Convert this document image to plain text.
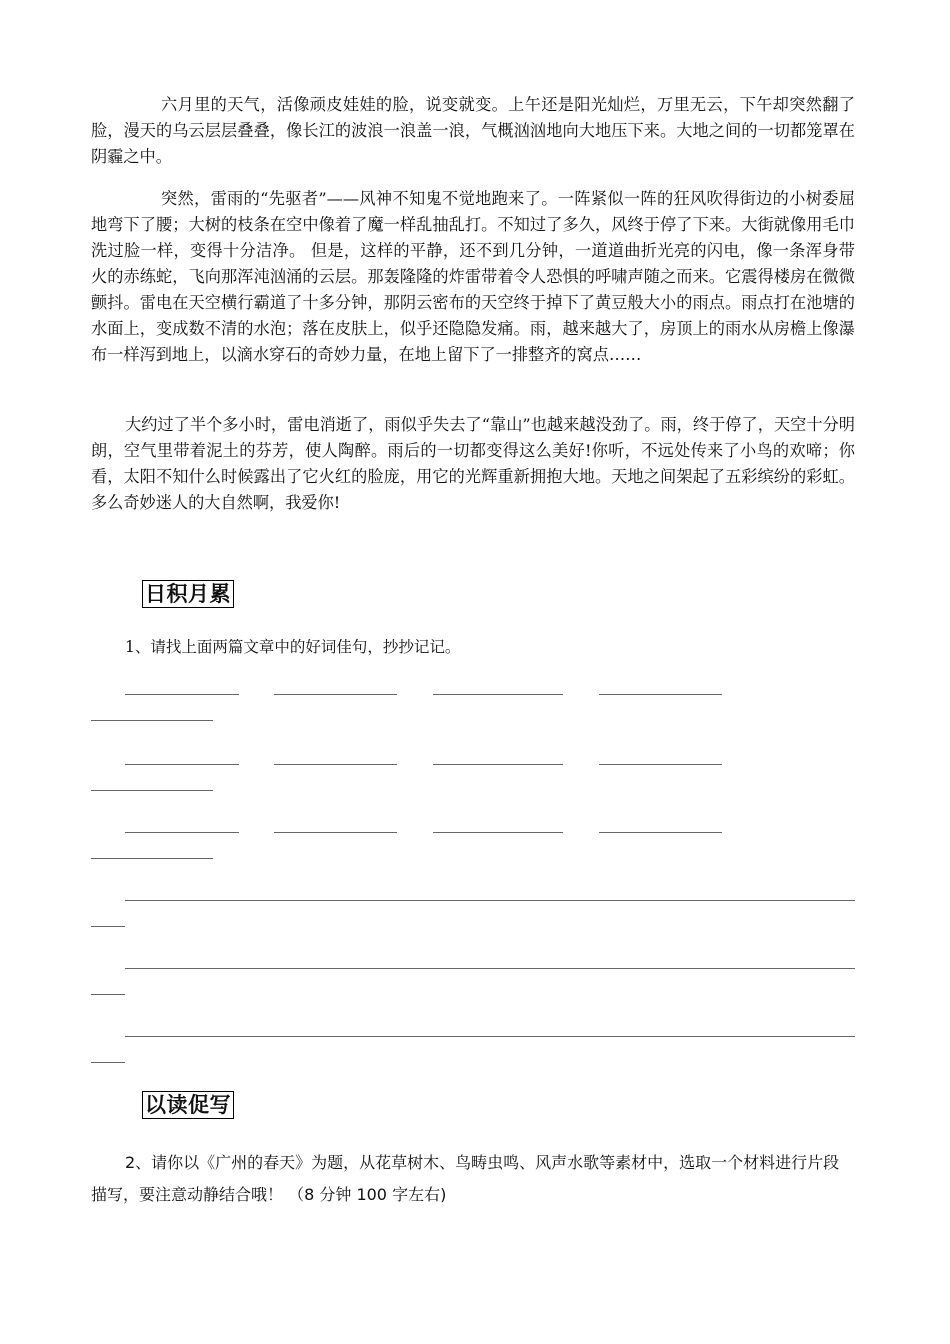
六月里的天气，活像顽皮娃娃的脸，说变就变。上午还是阳光灿烂，万里无云，下午却突然翻了脸，漫天的乌云层层叠叠，像长江的波浪一浪盖一浪，气概汹汹地向大地压下来。大地之间的一切都笼罩在阴霾之中。

突然，雷雨的“先驱者”——风神不知鬼不觉地跑来了。一阵紧似一阵的狂风吹得街边的小树委屈地弯下了腰；大树的枝条在空中像着了魔一样乱抽乱打。不知过了多久，风终于停了下来。大街就像用毛巾洗过脸一样，变得十分洁净。 但是，这样的平静，还不到几分钟，一道道曲折光亮的闪电，像一条浑身带火的赤练蛇，飞向那浑沌汹涌的云层。那轰隆隆的炸雷带着令人恐惧的呼啸声随之而来。它震得楼房在微微颤抖。雷电在天空横行霸道了十多分钟，那阴云密布的天空终于掉下了黄豆般大小的雨点。雨点打在池塘的水面上，变成数不清的水泡；落在皮肤上，似乎还隐隐发痛。雨，越来越大了，房顶上的雨水从房檐上像瀑布一样泻到地上，以滴水穿石的奇妙力量，在地上留下了一排整齐的窝点……

大约过了半个多小时，雷电消逝了，雨似乎失去了“靠山”也越来越没劲了。雨，终于停了，天空十分明朗，空气里带着泥土的芬芳，使人陶醉。雨后的一切都变得这么美好!你听，不远处传来了小鸟的欢啼；你看，太阳不知什么时候露出了它火红的脸庞，用它的光辉重新拥抱大地。天地之间架起了五彩缤纷的彩虹。多么奇妙迷人的大自然啊，我爱你!

日积月累

1、请找上面两篇文章中的好词佳句，抄抄记记。

以读促写

2、请你以《广州的春天》为题，从花草树木、鸟畴虫鸣、风声水歌等素材中，选取一个材料进行片段描写，要注意动静结合哦！ （8 分钟 100 字左右)
